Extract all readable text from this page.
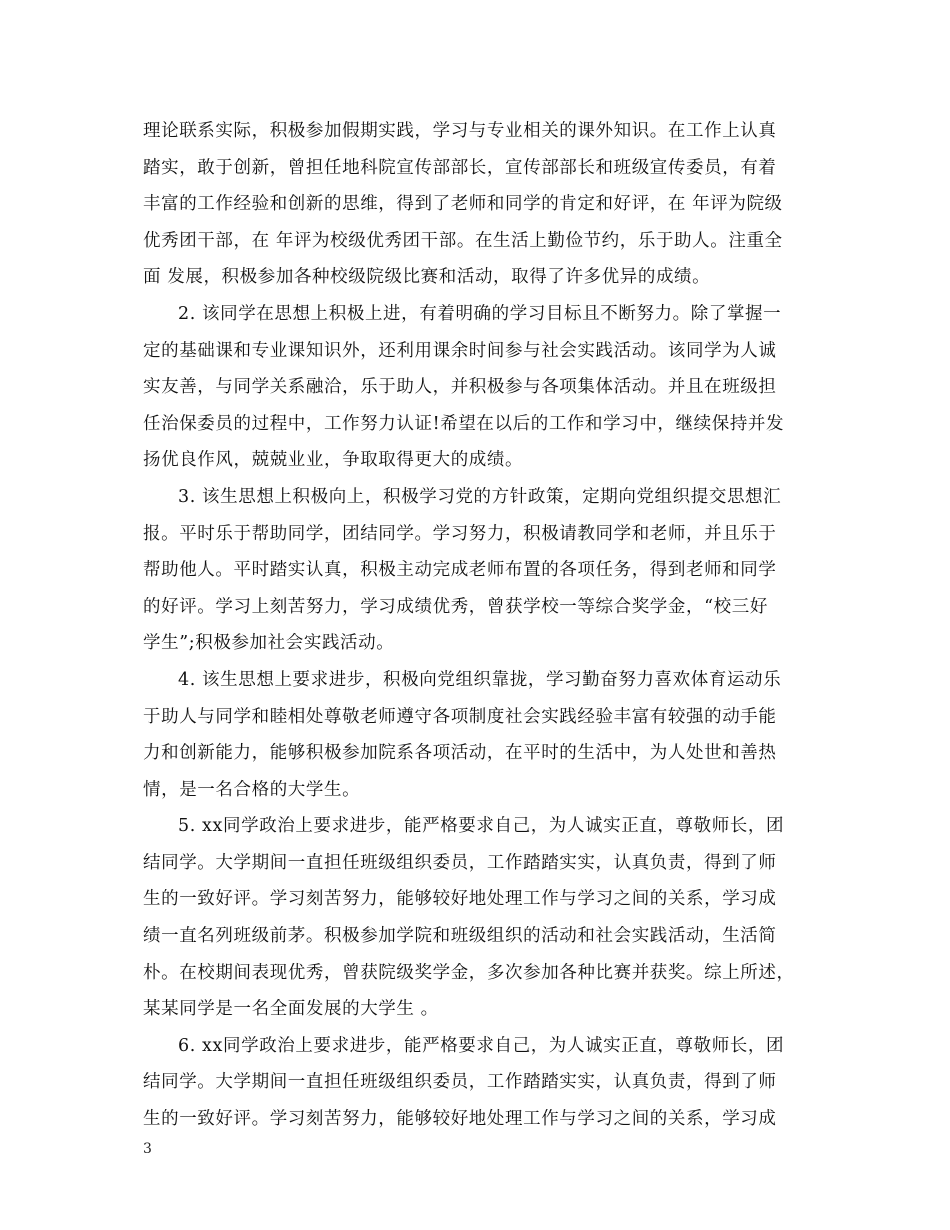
理论联系实际，积极参加假期实践，学习与专业相关的课外知识。在工作上认真
踏实，敢于创新，曾担任地科院宣传部部长，宣传部部长和班级宣传委员，有着
丰富的工作经验和创新的思维，得到了老师和同学的肯定和好评，在 年评为院级
优秀团干部，在 年评为校级优秀团干部。在生活上勤俭节约，乐于助人。注重全
面 发展，积极参加各种校级院级比赛和活动，取得了许多优异的成绩。
2. 该同学在思想上积极上进，有着明确的学习目标且不断努力。除了掌握一
定的基础课和专业课知识外，还利用课余时间参与社会实践活动。该同学为人诚
实友善，与同学关系融洽，乐于助人，并积极参与各项集体活动。并且在班级担
任治保委员的过程中，工作努力认证!希望在以后的工作和学习中，继续保持并发
扬优良作风，兢兢业业，争取取得更大的成绩。
3. 该生思想上积极向上，积极学习党的方针政策，定期向党组织提交思想汇
报。平时乐于帮助同学，团结同学。学习努力，积极请教同学和老师，并且乐于
帮助他人。平时踏实认真，积极主动完成老师布置的各项任务，得到老师和同学
的好评。学习上刻苦努力，学习成绩优秀，曾获学校一等综合奖学金，“校三好
学生”;积极参加社会实践活动。
4. 该生思想上要求进步，积极向党组织靠拢，学习勤奋努力喜欢体育运动乐
于助人与同学和睦相处尊敬老师遵守各项制度社会实践经验丰富有较强的动手能
力和创新能力，能够积极参加院系各项活动，在平时的生活中，为人处世和善热
情，是一名合格的大学生。
5. xx同学政治上要求进步，能严格要求自己，为人诚实正直，尊敬师长，团
结同学。大学期间一直担任班级组织委员，工作踏踏实实，认真负责，得到了师
生的一致好评。学习刻苦努力，能够较好地处理工作与学习之间的关系，学习成
绩一直名列班级前茅。积极参加学院和班级组织的活动和社会实践活动，生活简
朴。在校期间表现优秀，曾获院级奖学金，多次参加各种比赛并获奖。综上所述，
某某同学是一名全面发展的大学生 。
6. xx同学政治上要求进步，能严格要求自己，为人诚实正直，尊敬师长，团
结同学。大学期间一直担任班级组织委员，工作踏踏实实，认真负责，得到了师
生的一致好评。学习刻苦努力，能够较好地处理工作与学习之间的关系，学习成
3
